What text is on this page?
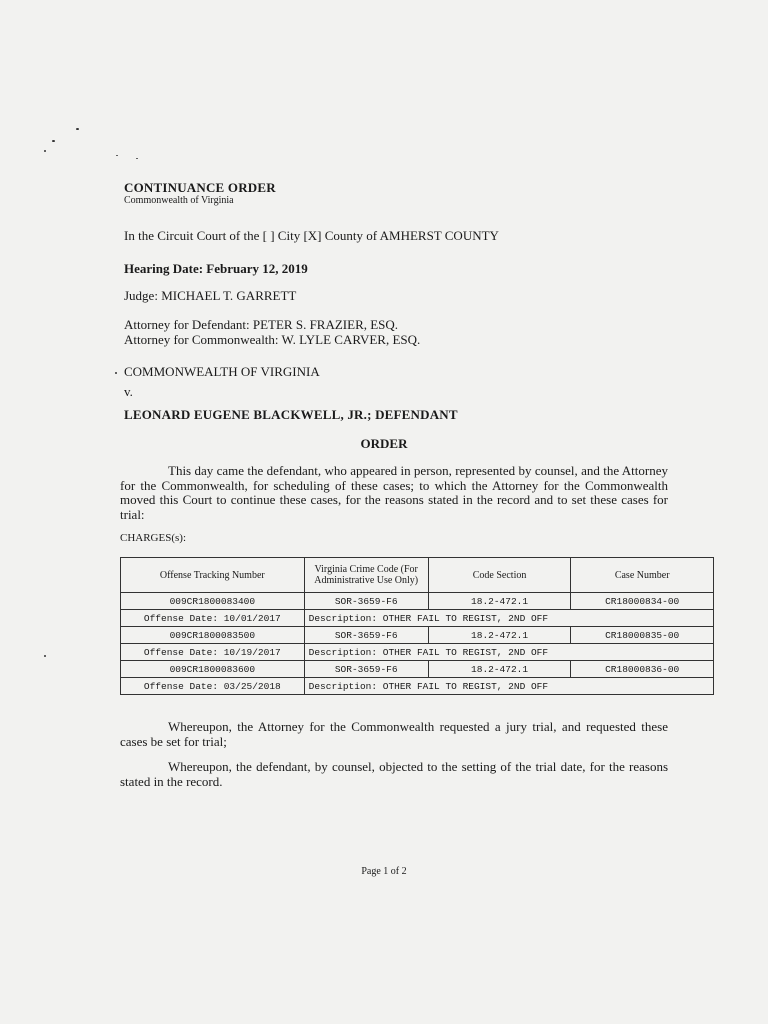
CONTINUANCE ORDER
Commonwealth of Virginia
In the Circuit Court of the [ ] City [X] County of AMHERST COUNTY
Hearing Date: February 12, 2019
Judge: MICHAEL T. GARRETT
Attorney for Defendant: PETER S. FRAZIER, ESQ.
Attorney for Commonwealth: W. LYLE CARVER, ESQ.
COMMONWEALTH OF VIRGINIA
v.
LEONARD EUGENE BLACKWELL, JR.; DEFENDANT
ORDER
This day came the defendant, who appeared in person, represented by counsel, and the Attorney for the Commonwealth, for scheduling of these cases; to which the Attorney for the Commonwealth moved this Court to continue these cases, for the reasons stated in the record and to set these cases for trial:
CHARGES(s):
Offense Tracking Number	Virginia Crime Code (For Administrative Use Only)	Code Section	Case Number
009CR1800083400	SOR-3659-F6	18.2-472.1	CR18000834-00
Offense Date: 10/01/2017	Description: OTHER FAIL TO REGIST, 2ND OFF		
009CR1800083500	SOR-3659-F6	18.2-472.1	CR18000835-00
Offense Date: 10/19/2017	Description: OTHER FAIL TO REGIST, 2ND OFF		
009CR1800083600	SOR-3659-F6	18.2-472.1	CR18000836-00
Offense Date: 03/25/2018	Description: OTHER FAIL TO REGIST, 2ND OFF		
Whereupon, the Attorney for the Commonwealth requested a jury trial, and requested these cases be set for trial;
Whereupon, the defendant, by counsel, objected to the setting of the trial date, for the reasons stated in the record.
Page 1 of 2
